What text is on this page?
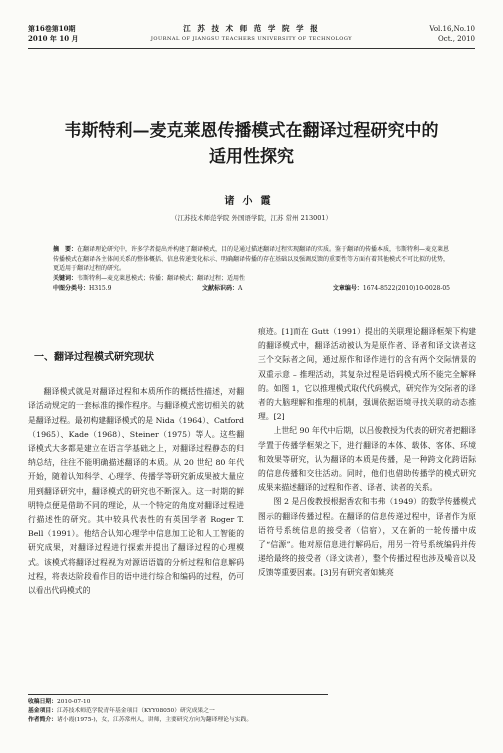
第16卷第10期
2010 年 10 月
江 苏 技 术 师 范 学 院 学 报
JOURNAL OF JIANGSU TEACHERS UNIVERSITY OF TECHNOLOGY
Vol.16,No.10
Oct., 2010
韦斯特利—麦克莱恩传播模式在翻译过程研究中的
适用性探究
诸小霞
（江苏技术师范学院 外国语学院，江苏 常州 213001）
摘　要：在翻译理论研究中，许多学者提出并构建了翻译模式，目的是通过描述翻译过程实现翻译的实质。鉴于翻译的传播本质，韦斯特利—麦克莱恩传播模式在翻译各主体间关系的整体概括、信息传递变化标示、明确翻译传播的存在基础以及强调反馈的重要性等方面有着其他模式不可比拟的优势，更适用于翻译过程的研究。
关键词：韦斯特利—麦克莱恩模式；传播；翻译模式；翻译过程；适用性
中图分类号：H315.9	文献标识码：A	文章编号：1674-8522(2010)10-0028-05
一、翻译过程模式研究现状

翻译模式就是对翻译过程和本质所作的概括性描述，对翻译活动规定的一套标准的操作程序。与翻译模式密切相关的就是翻译过程。最初构建翻译模式的是 Nida（1964）、Catford（1965）、Kade（1968）、Steiner（1975）等人。这些翻译模式大多都是建立在语言学基础之上，对翻译过程静态的归纳总结，往往不能明确描述翻译的本质。从 20 世纪 80 年代开始，随着认知科学、心理学、传播学等研究新成果被大量应用到翻译研究中，翻译模式的研究也不断深入。这一时期的鲜明特点便是借助不同的理论，从一个特定的角度对翻译过程进行描述性的研究。其中较具代表性的有英国学者 Roger T. Bell（1991）。他结合认知心理学中信息加工论和人工智能的研究成果，对翻译过程进行探索并提出了翻译过程的心理模式。该模式将翻译过程视为对源语语篇的分析过程和信息解码过程，将表达阶段看作目的语中进行综合和编码的过程，仍可以看出代码模式的

痕迹。[1]而在 Gutt（1991）提出的关联理论翻译框架下构建的翻译模式中，翻译活动被认为是原作者、译者和译文读者这三个交际者之间，通过原作和译作进行的含有两个交际情景的双重示意 – 推理活动，其复杂过程是语码模式所不能完全解释的。如图 1，它以推理模式取代代码模式，研究作为交际者的译者的大脑理解和推理的机制，强调依据语境寻找关联的动态推理。[2]

上世纪 90 年代中后期，以吕俊教授为代表的研究者把翻译学置于传播学框架之下，进行翻译的本体、载体、客体、环境和效果等研究，认为翻译的本质是传播，是一种跨文化跨语际的信息传播和交往活动。同时，他们也借助传播学的模式研究成果来描述翻译的过程和作者、译者、读者的关系。

图 2 是吕俊教授根据香农和韦弗（1949）的数学传播模式图示的翻译传播过程。在翻译的信息传递过程中，译者作为原语符号系统信息的接受者（信宿），又在新的一轮传播中成了“信源”。他对原信息进行解码后，用另一符号系统编码并传递给最终的接受者（译文读者），整个传播过程也涉及噪音以及反馈等重要因素。[3]另有研究者如姚亮

收稿日期：2010-07-10
基金项目：江苏技术师范学院青年基金项目（KYY08050）研究成果之一
作者简介：诸小霞(1975-)，女，江苏常州人，讲师，主要研究方向为翻译理论与实践。
